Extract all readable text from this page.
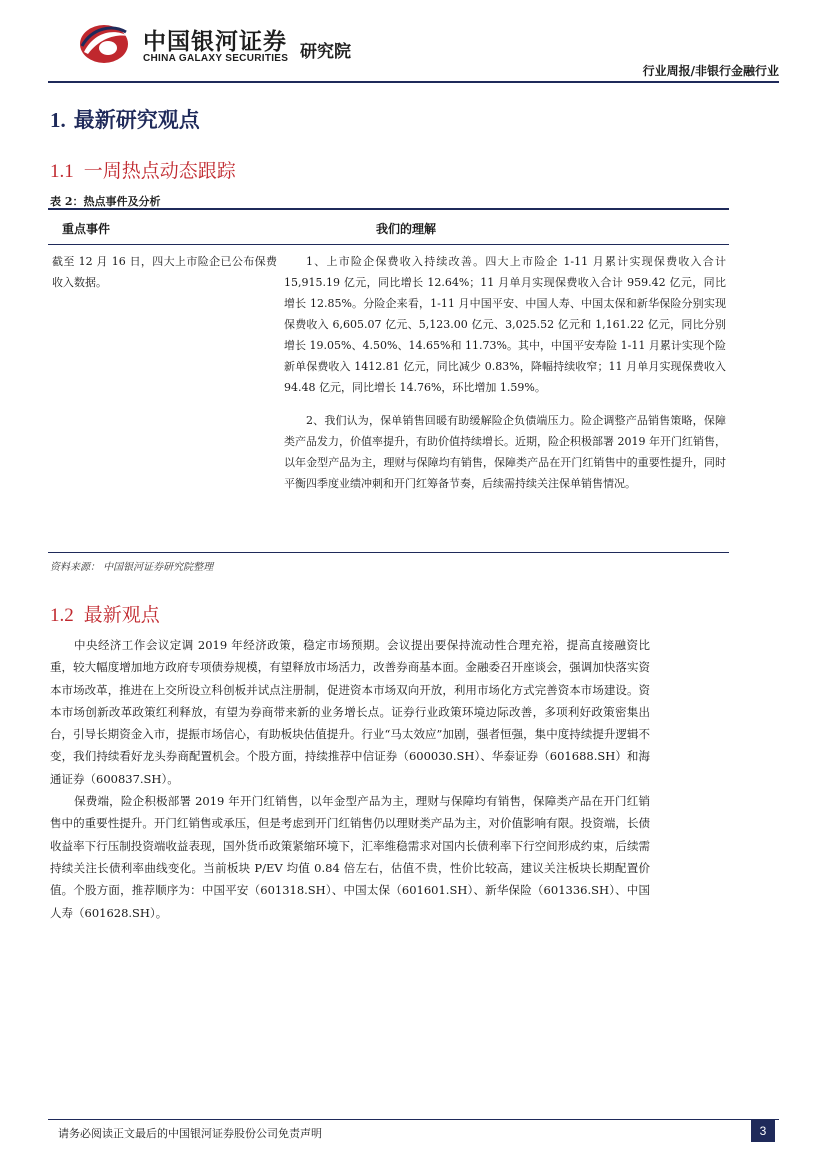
中国银河证券
CHINA GALAXY SECURITIES 研究院
行业周报/非银行金融行业
1. 最新研究观点
1.1 一周热点动态跟踪
表 2：热点事件及分析
重点事件	我们的理解
截至 12 月 16 日，四大上市险企已公布保费收入数据。

1、上市险企保费收入持续改善。四大上市险企 1-11 月累计实现保费收入合计 15,915.19 亿元，同比增长 12.64%；11 月单月实现保费收入合计 959.42 亿元，同比增长 12.85%。分险企来看，1-11 月中国平安、中国人寿、中国太保和新华保险分别实现保费收入 6,605.07 亿元、5,123.00 亿元、3,025.52 亿元和 1,161.22 亿元，同比分别增长 19.05%、4.50%、14.65%和 11.73%。其中，中国平安寿险 1-11 月累计实现个险新单保费收入 1412.81 亿元，同比减少 0.83%，降幅持续收窄；11 月单月实现保费收入 94.48 亿元，同比增长 14.76%，环比增加 1.59%。

2、我们认为，保单销售回暖有助缓解险企负债端压力。险企调整产品销售策略，保障类产品发力，价值率提升，有助价值持续增长。近期，险企积极部署 2019 年开门红销售，以年金型产品为主，理财与保障均有销售，保障类产品在开门红销售中的重要性提升，同时平衡四季度业绩冲刺和开门红筹备节奏，后续需持续关注保单销售情况。

资料来源： 中国银河证券研究院整理
1.2 最新观点

中央经济工作会议定调 2019 年经济政策，稳定市场预期。会议提出要保持流动性合理充裕，提高直接融资比重，较大幅度增加地方政府专项债券规模，有望释放市场活力，改善券商基本面。金融委召开座谈会，强调加快落实资本市场改革，推进在上交所设立科创板并试点注册制，促进资本市场双向开放，利用市场化方式完善资本市场建设。资本市场创新改革政策红利释放，有望为券商带来新的业务增长点。证券行业政策环境边际改善，多项利好政策密集出台，引导长期资金入市，提振市场信心，有助板块估值提升。行业“马太效应”加剧，强者恒强，集中度持续提升逻辑不变，我们持续看好龙头券商配置机会。个股方面，持续推荐中信证券（600030.SH）、华泰证券（601688.SH）和海通证券（600837.SH）。

保费端，险企积极部署 2019 年开门红销售，以年金型产品为主，理财与保障均有销售，保障类产品在开门红销售中的重要性提升。开门红销售或承压，但是考虑到开门红销售仍以理财类产品为主，对价值影响有限。投资端，长债收益率下行压制投资端收益表现，国外货币政策紧缩环境下，汇率维稳需求对国内长债利率下行空间形成约束，后续需持续关注长债利率曲线变化。当前板块 P/EV 均值 0.84 倍左右，估值不贵，性价比较高，建议关注板块长期配置价值。个股方面，推荐顺序为：中国平安（601318.SH）、中国太保（601601.SH）、新华保险（601336.SH）、中国人寿（601628.SH）。

请务必阅读正文最后的中国银河证券股份公司免责声明	3
